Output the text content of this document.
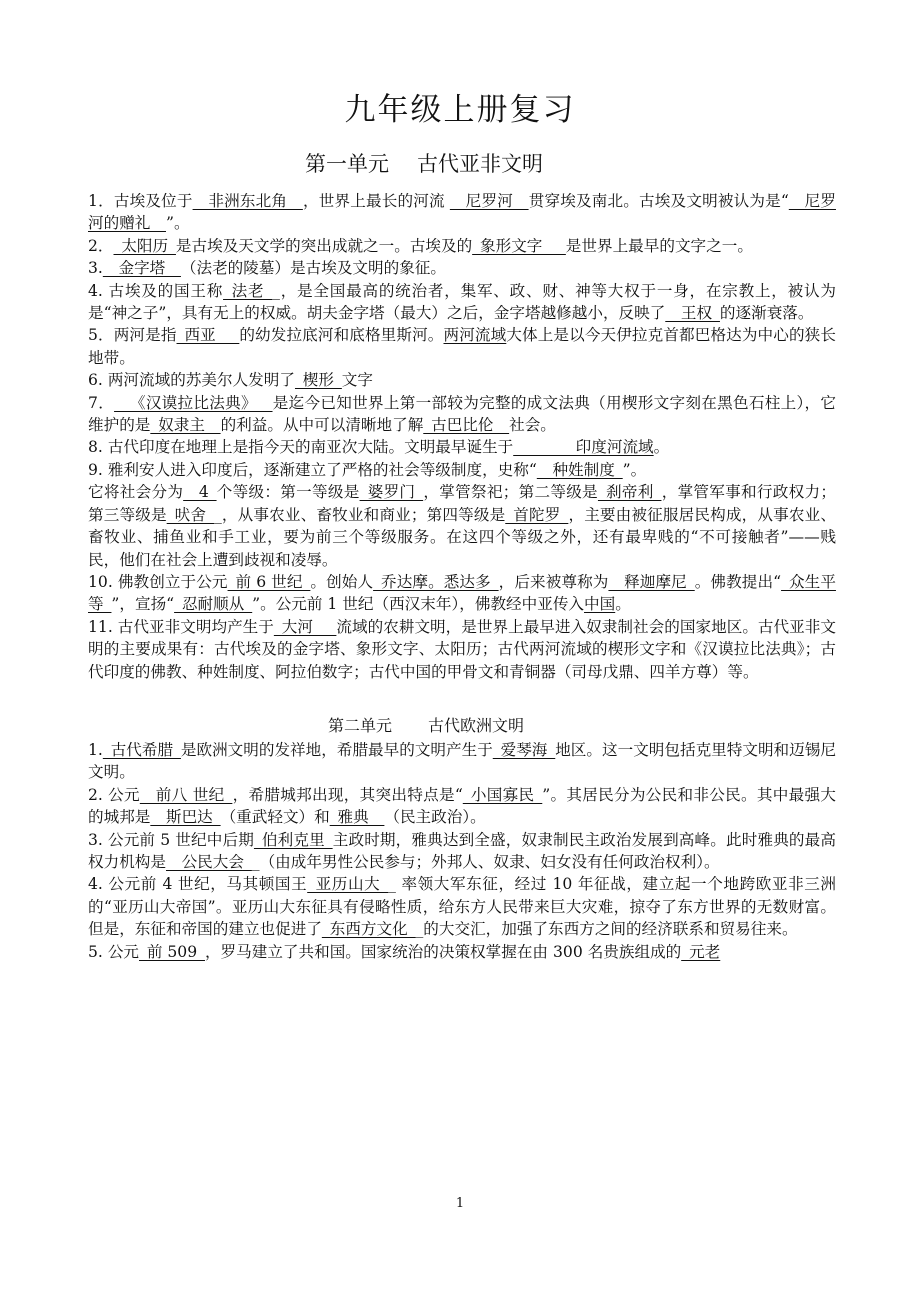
九年级上册复习
第一单元 古代亚非文明

1．古埃及位于__非洲东北角__，世界上最长的河流 __尼罗河__贯穿埃及南北。古埃及文明被认为是“__尼罗河的赠礼__”。

2．_太阳历_是古埃及天文学的突出成就之一。古埃及的_象形文字___是世界上最早的文字之一。

3.__金字塔__（法老的陵墓）是古埃及文明的象征。

4. 古埃及的国王称_法老__，是全国最高的统治者，集军、政、财、神等大权于一身，在宗教上，被认为是“神之子”，具有无上的权威。胡夫金字塔（最大）之后，金字塔越修越小，反映了__王权_的逐渐衰落。

5．两河是指_西亚___的幼发拉底河和底格里斯河。两河流域大体上是以今天伊拉克首都巴格达为中心的狭长地带。

6. 两河流域的苏美尔人发明了_楔形_文字

7．__《汉谟拉比法典》__是迄今已知世界上第一部较为完整的成文法典（用楔形文字刻在黑色石柱上），它维护的是_奴隶主__的利益。从中可以清晰地了解_古巴比伦__社会。

8. 古代印度在地理上是指今天的南亚次大陆。文明最早诞生于________印度河流域。

9. 雅利安人进入印度后，逐渐建立了严格的社会等级制度，史称“__种姓制度_”。

它将社会分为__4_个等级：第一等级是_婆罗门_，掌管祭祀；第二等级是_刹帝利_，掌管军事和行政权力；第三等级是_吠舍__，从事农业、畜牧业和商业；第四等级是_首陀罗_，主要由被征服居民构成，从事农业、畜牧业、捕鱼业和手工业，要为前三个等级服务。在这四个等级之外，还有最卑贱的“不可接触者”——贱民，他们在社会上遭到歧视和凌辱。

10. 佛教创立于公元_前 6 世纪_。创始人_乔达摩。悉达多_，后来被尊称为__释迦摩尼_。佛教提出“_众生平等_”，宣扬“_忍耐顺从_”。公元前 1 世纪（西汉末年），佛教经中亚传入中国。

11. 古代亚非文明均产生于_大河___流域的农耕文明，是世界上最早进入奴隶制社会的国家地区。古代亚非文明的主要成果有：古代埃及的金字塔、象形文字、太阳历；古代两河流域的楔形文字和《汉谟拉比法典》；古代印度的佛教、种姓制度、阿拉伯数字；古代中国的甲骨文和青铜器（司母戊鼎、四羊方尊）等。

第二单元 古代欧洲文明

1._古代希腊_是欧洲文明的发祥地，希腊最早的文明产生于_爱琴海_地区。这一文明包括克里特文明和迈锡尼文明。

2. 公元__前八 世纪_，希腊城邦出现，其突出特点是“_小国寡民_”。其居民分为公民和非公民。其中最强大的城邦是__斯巴达_（重武轻文）和_雅典__（民主政治）。

3. 公元前 5 世纪中后期_伯利克里_主政时期，雅典达到全盛，奴隶制民主政治发展到高峰。此时雅典的最高权力机构是__公民大会__（由成年男性公民参与；外邦人、奴隶、妇女没有任何政治权利）。

4. 公元前 4 世纪，马其顿国王_亚历山大__ 率领大军东征，经过 10 年征战，建立起一个地跨欧亚非三洲的“亚历山大帝国”。亚历山大东征具有侵略性质，给东方人民带来巨大灾难，掠夺了东方世界的无数财富。但是，东征和帝国的建立也促进了_东西方文化__的大交汇，加强了东西方之间的经济联系和贸易往来。

5. 公元_前 509_，罗马建立了共和国。国家统治的决策权掌握在由 300 名贵族组成的_元老

1
